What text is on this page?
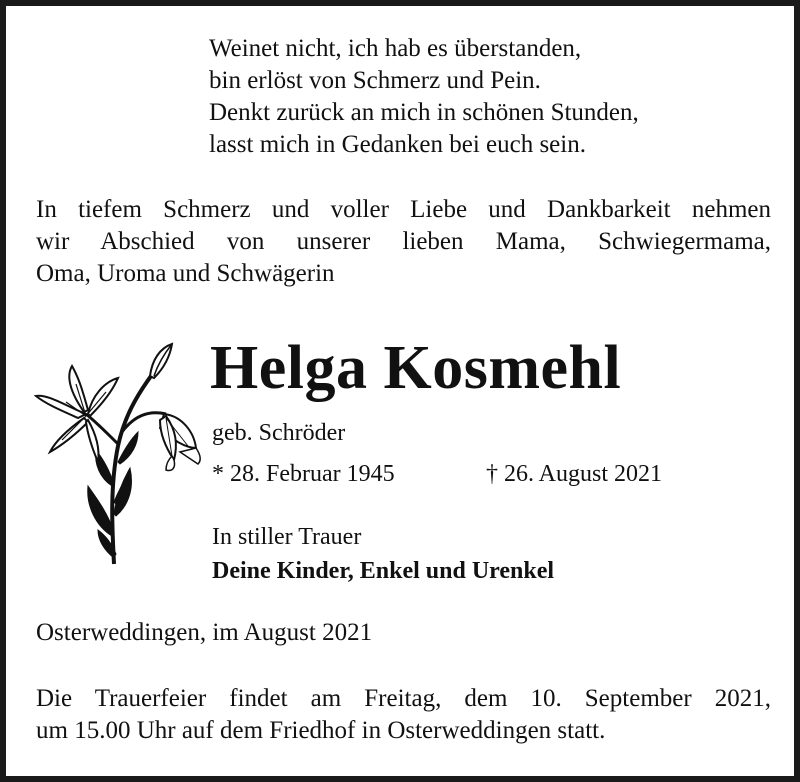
Weinet nicht, ich hab es überstanden,
bin erlöst von Schmerz und Pein.
Denkt zurück an mich in schönen Stunden,
lasst mich in Gedanken bei euch sein.
In tiefem Schmerz und voller Liebe und Dankbarkeit nehmen
wir Abschied von unserer lieben Mama, Schwiegermama,
Oma, Uroma und Schwägerin
Helga Kosmehl
geb. Schröder
* 28. Februar 1945	† 26. August 2021
In stiller Trauer
Deine Kinder, Enkel und Urenkel
Osterweddingen, im August 2021
Die Trauerfeier findet am Freitag, dem 10. September 2021,
um 15.00 Uhr auf dem Friedhof in Osterweddingen statt.
